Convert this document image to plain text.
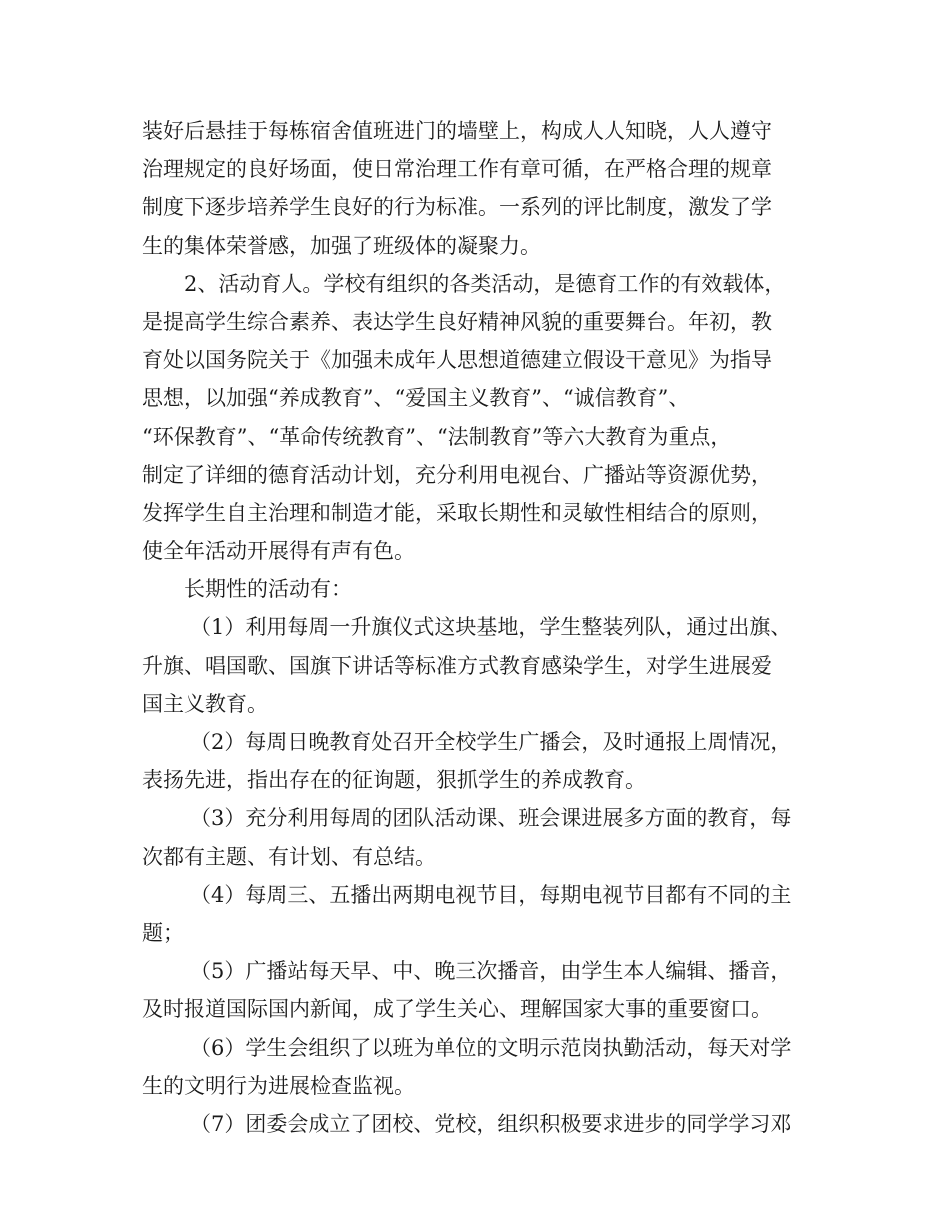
装好后悬挂于每栋宿舍值班进门的墙壁上，构成人人知晓，人人遵守
治理规定的良好场面，使日常治理工作有章可循，在严格合理的规章
制度下逐步培养学生良好的行为标准。一系列的评比制度，激发了学
生的集体荣誉感，加强了班级体的凝聚力。
2、活动育人。学校有组织的各类活动，是德育工作的有效载体，
是提高学生综合素养、表达学生良好精神风貌的重要舞台。年初，教
育处以国务院关于《加强未成年人思想道德建立假设干意见》为指导
思想，以加强“养成教育”、“爱国主义教育”、“诚信教育”、
“环保教育”、“革命传统教育”、“法制教育”等六大教育为重点，
制定了详细的德育活动计划，充分利用电视台、广播站等资源优势，
发挥学生自主治理和制造才能，采取长期性和灵敏性相结合的原则，
使全年活动开展得有声有色。
长期性的活动有：
（1）利用每周一升旗仪式这块基地，学生整装列队，通过出旗、
升旗、唱国歌、国旗下讲话等标准方式教育感染学生，对学生进展爱
国主义教育。
（2）每周日晚教育处召开全校学生广播会，及时通报上周情况，
表扬先进，指出存在的征询题，狠抓学生的养成教育。
（3）充分利用每周的团队活动课、班会课进展多方面的教育，每
次都有主题、有计划、有总结。
（4）每周三、五播出两期电视节目，每期电视节目都有不同的主
题；
（5）广播站每天早、中、晚三次播音，由学生本人编辑、播音，
及时报道国际国内新闻，成了学生关心、理解国家大事的重要窗口。
（6）学生会组织了以班为单位的文明示范岗执勤活动，每天对学
生的文明行为进展检查监视。
（7）团委会成立了团校、党校，组织积极要求进步的同学学习邓
